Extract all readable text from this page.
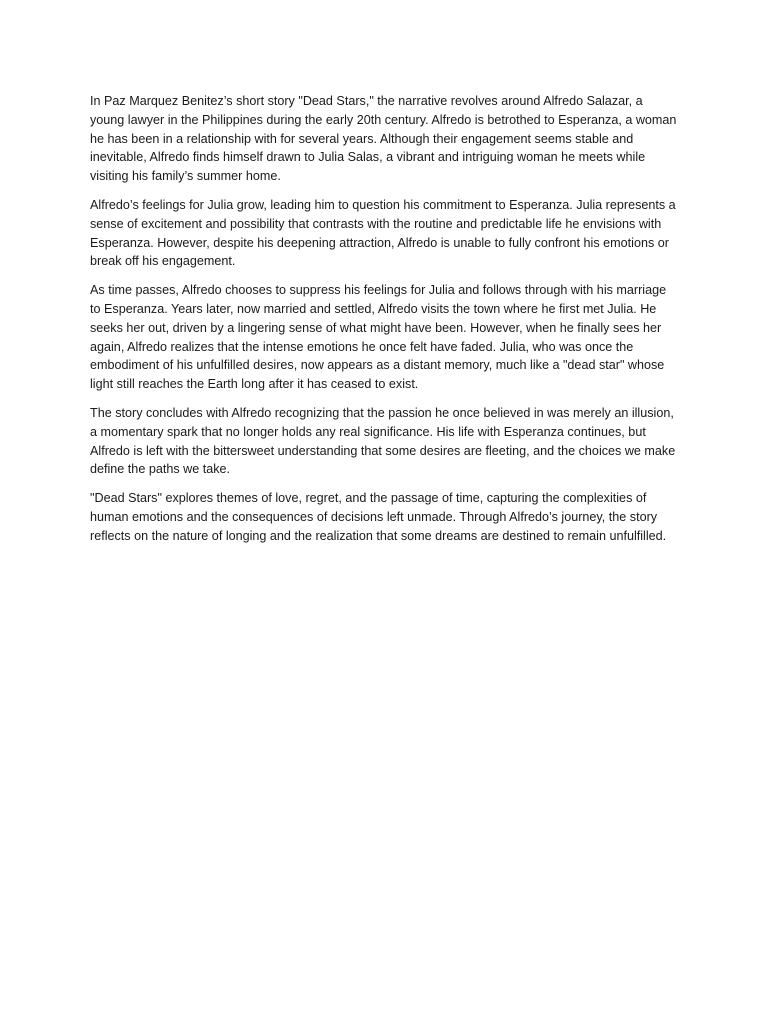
In Paz Marquez Benitez’s short story "Dead Stars," the narrative revolves around Alfredo Salazar, a young lawyer in the Philippines during the early 20th century. Alfredo is betrothed to Esperanza, a woman he has been in a relationship with for several years. Although their engagement seems stable and inevitable, Alfredo finds himself drawn to Julia Salas, a vibrant and intriguing woman he meets while visiting his family’s summer home.

Alfredo’s feelings for Julia grow, leading him to question his commitment to Esperanza. Julia represents a sense of excitement and possibility that contrasts with the routine and predictable life he envisions with Esperanza. However, despite his deepening attraction, Alfredo is unable to fully confront his emotions or break off his engagement.

As time passes, Alfredo chooses to suppress his feelings for Julia and follows through with his marriage to Esperanza. Years later, now married and settled, Alfredo visits the town where he first met Julia. He seeks her out, driven by a lingering sense of what might have been. However, when he finally sees her again, Alfredo realizes that the intense emotions he once felt have faded. Julia, who was once the embodiment of his unfulfilled desires, now appears as a distant memory, much like a "dead star" whose light still reaches the Earth long after it has ceased to exist.

The story concludes with Alfredo recognizing that the passion he once believed in was merely an illusion, a momentary spark that no longer holds any real significance. His life with Esperanza continues, but Alfredo is left with the bittersweet understanding that some desires are fleeting, and the choices we make define the paths we take.

"Dead Stars" explores themes of love, regret, and the passage of time, capturing the complexities of human emotions and the consequences of decisions left unmade. Through Alfredo’s journey, the story reflects on the nature of longing and the realization that some dreams are destined to remain unfulfilled.
